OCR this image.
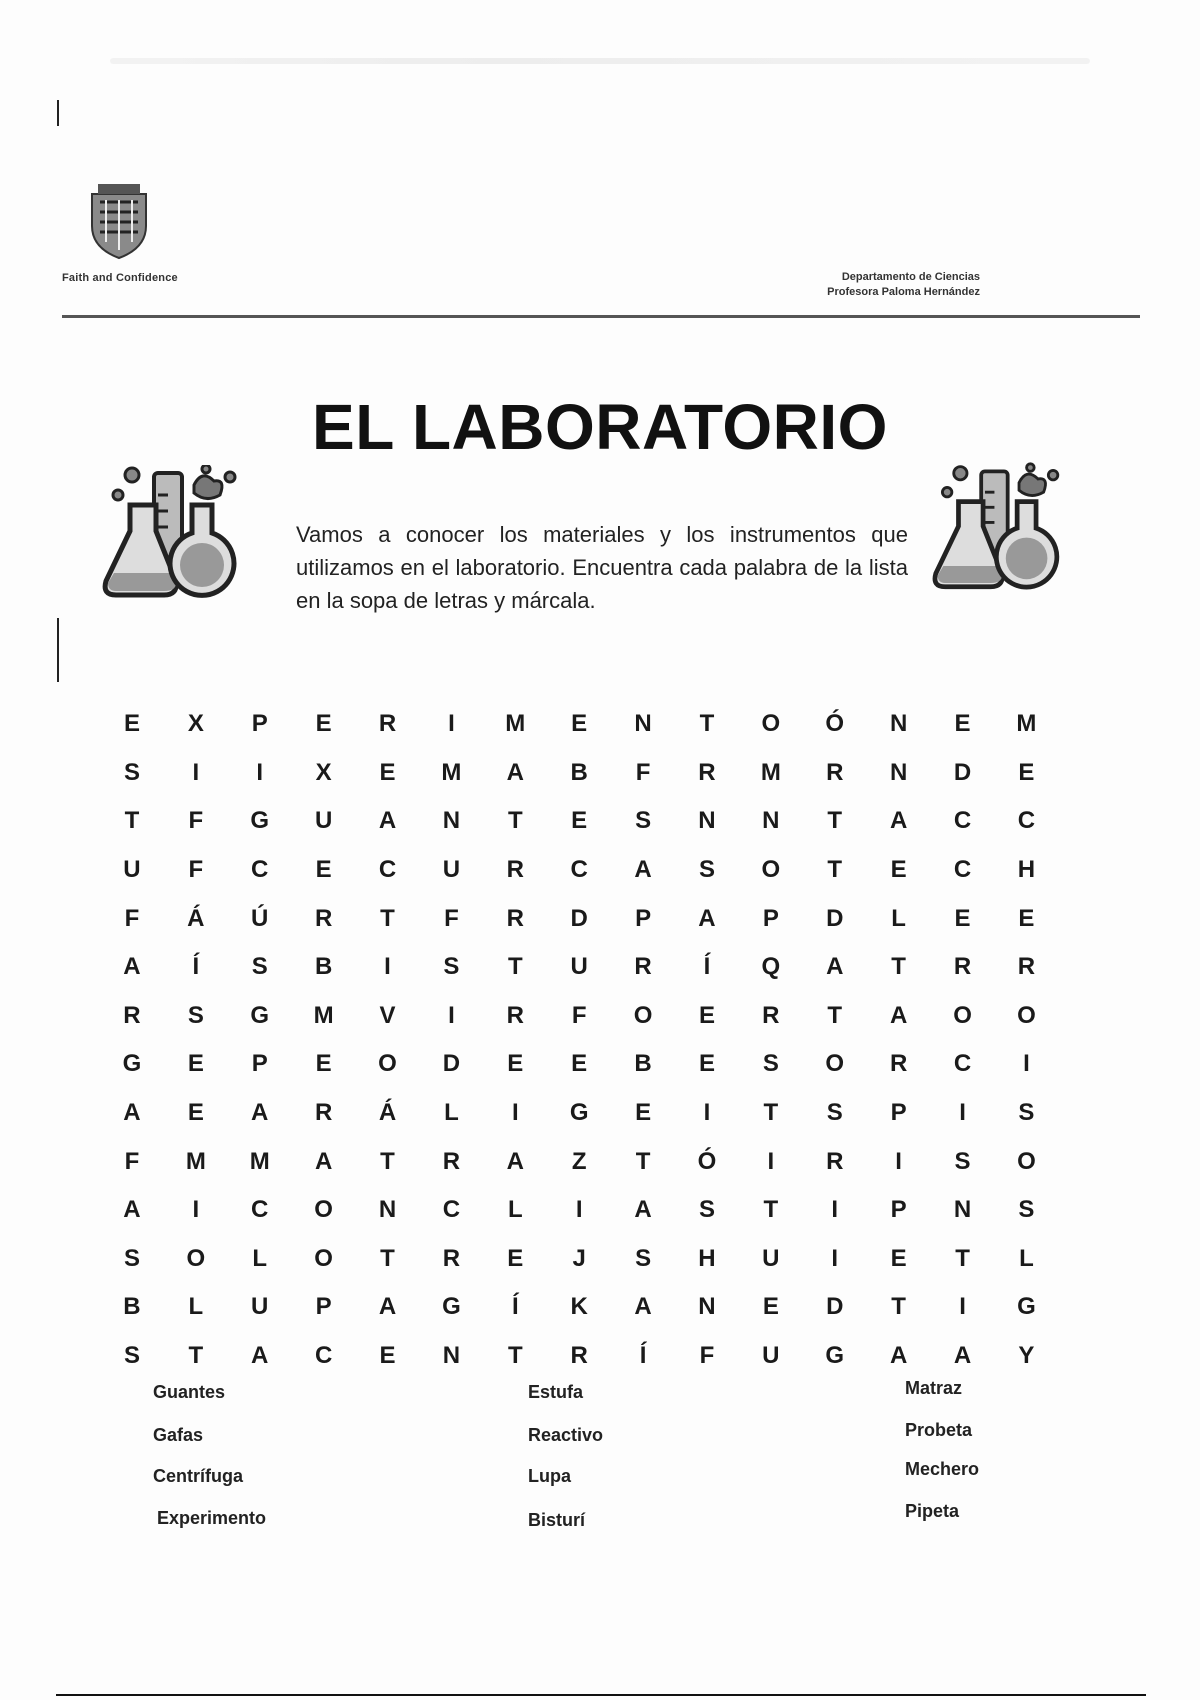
Faith and Confidence	Departamento de Ciencias
Profesora Paloma Hernández
EL LABORATORIO
Vamos a conocer los materiales y los instrumentos que utilizamos en el laboratorio. Encuentra cada palabra de la lista en la sopa de letras y márcala.
E	X	P	E	R	I	M	E	N	T	O	Ó	N	E	M
S	I	I	X	E	M	A	B	F	R	M	R	N	D	E
T	F	G	U	A	N	T	E	S	N	N	T	A	C	C
U	F	C	E	C	U	R	C	A	S	O	T	E	C	H
F	Á	Ú	R	T	F	R	D	P	A	P	D	L	E	E
A	Í	S	B	I	S	T	U	R	Í	Q	A	T	R	R
R	S	G	M	V	I	R	F	O	E	R	T	A	O	O
G	E	P	E	O	D	E	E	B	E	S	O	R	C	I
A	E	A	R	Á	L	I	G	E	I	T	S	P	I	S
F	M	M	A	T	R	A	Z	T	Ó	I	R	I	S	O
A	I	C	O	N	C	L	I	A	S	T	I	P	N	S
S	O	L	O	T	R	E	J	S	H	U	I	E	T	L
B	L	U	P	A	G	Í	K	A	N	E	D	T	I	G
S	T	A	C	E	N	T	R	Í	F	U	G	A	A	Y
Guantes
Gafas
Centrífuga
Experimento
Estufa
Reactivo
Lupa
Bisturí
Matraz
Probeta
Mechero
Pipeta
